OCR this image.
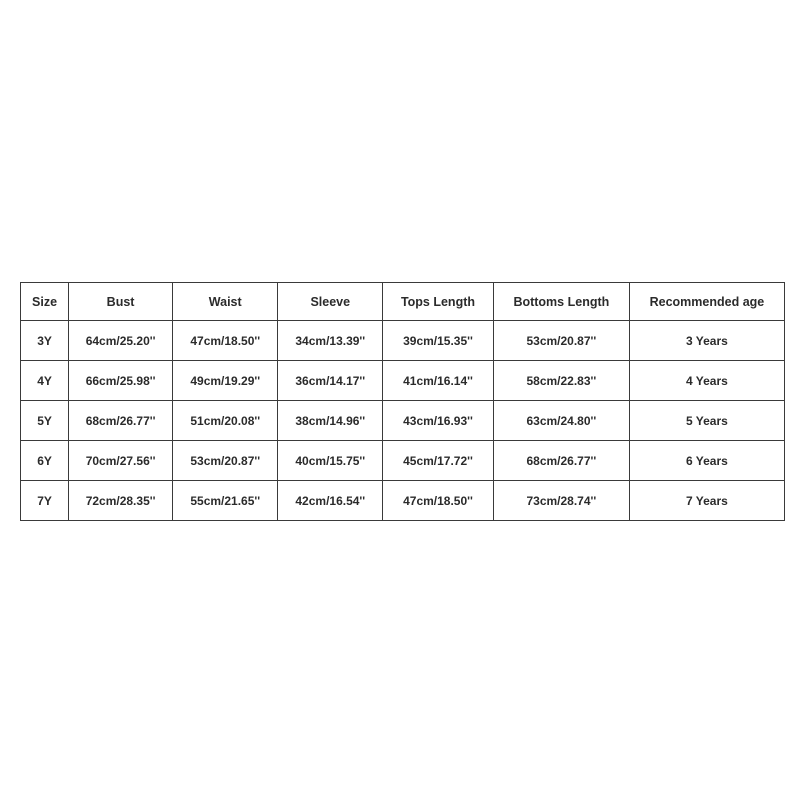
Size	Bust	Waist	Sleeve	Tops Length	Bottoms Length	Recommended age
3Y	64cm/25.20''	47cm/18.50''	34cm/13.39''	39cm/15.35''	53cm/20.87''	3 Years
4Y	66cm/25.98''	49cm/19.29''	36cm/14.17''	41cm/16.14''	58cm/22.83''	4 Years
5Y	68cm/26.77''	51cm/20.08''	38cm/14.96''	43cm/16.93''	63cm/24.80''	5 Years
6Y	70cm/27.56''	53cm/20.87''	40cm/15.75''	45cm/17.72''	68cm/26.77''	6 Years
7Y	72cm/28.35''	55cm/21.65''	42cm/16.54''	47cm/18.50''	73cm/28.74''	7 Years
